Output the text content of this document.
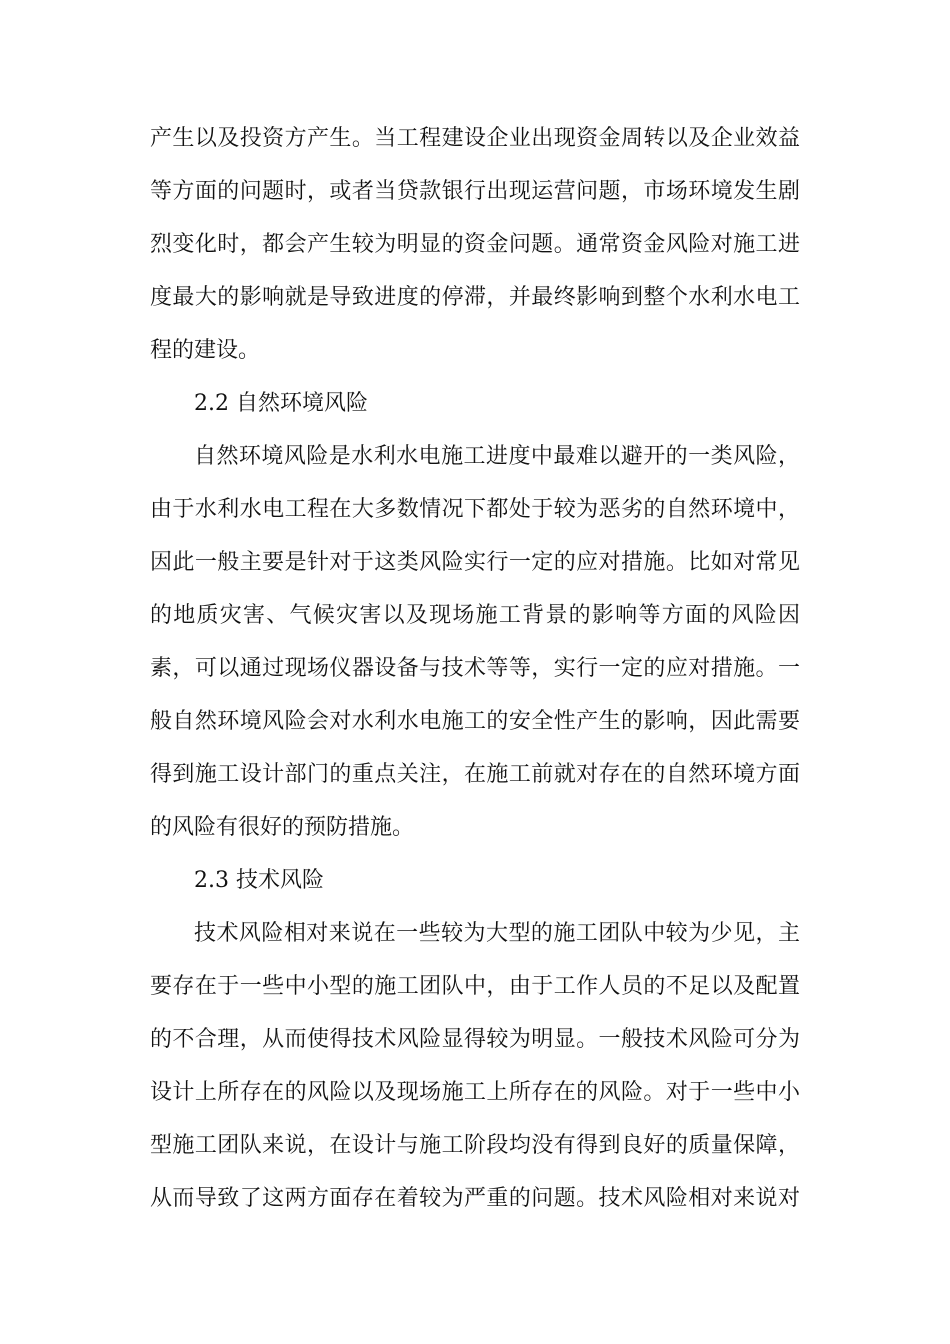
产生以及投资方产生。当工程建设企业出现资金周转以及企业效益
等方面的问题时，或者当贷款银行出现运营问题，市场环境发生剧
烈变化时，都会产生较为明显的资金问题。通常资金风险对施工进
度最大的影响就是导致进度的停滞，并最终影响到整个水利水电工
程的建设。

2.2 自然环境风险

自然环境风险是水利水电施工进度中最难以避开的一类风险，
由于水利水电工程在大多数情况下都处于较为恶劣的自然环境中，
因此一般主要是针对于这类风险实行一定的应对措施。比如对常见
的地质灾害、气候灾害以及现场施工背景的影响等方面的风险因
素，可以通过现场仪器设备与技术等等，实行一定的应对措施。一
般自然环境风险会对水利水电施工的安全性产生的影响，因此需要
得到施工设计部门的重点关注，在施工前就对存在的自然环境方面
的风险有很好的预防措施。

2.3 技术风险

技术风险相对来说在一些较为大型的施工团队中较为少见，主
要存在于一些中小型的施工团队中，由于工作人员的不足以及配置
的不合理，从而使得技术风险显得较为明显。一般技术风险可分为
设计上所存在的风险以及现场施工上所存在的风险。对于一些中小
型施工团队来说，在设计与施工阶段均没有得到良好的质量保障，
从而导致了这两方面存在着较为严重的问题。技术风险相对来说对
